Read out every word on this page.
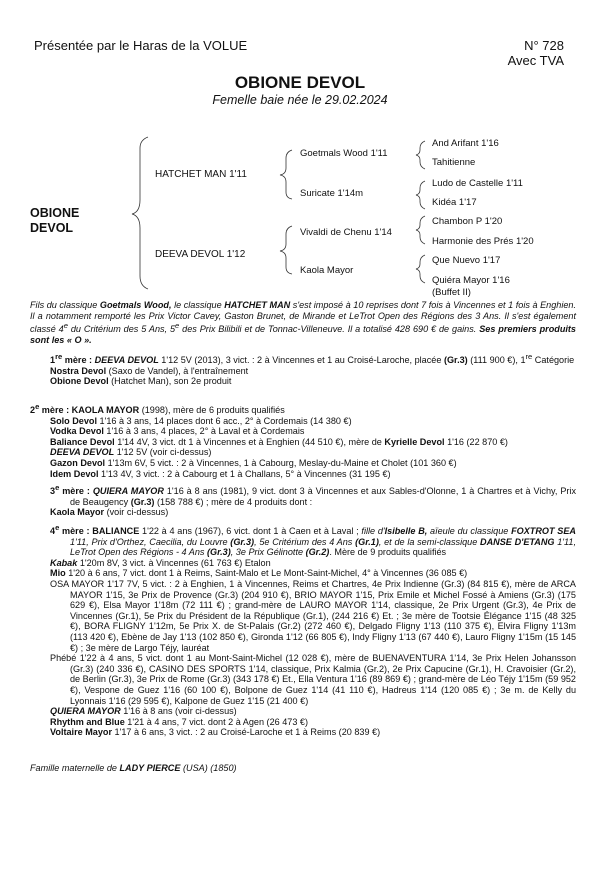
Présentée par le Haras de la VOLUE	N° 728
Avec TVA
OBIONE DEVOL
Femelle baie née le 29.02.2024
OBIONE
DEVOL
HATCHET MAN 1'11
DEEVA DEVOL 1'12
Goetmals Wood 1'11
Suricate 1'14m
Vivaldi de Chenu 1'14
Kaola Mayor
And Arifant 1'16
Tahitienne
Ludo de Castelle 1'11
Kidéa 1'17
Chambon P 1'20
Harmonie des Prés 1'20
Que Nuevo 1'17
Quiéra Mayor 1'16
(Buffet II)
Fils du classique Goetmals Wood, le classique HATCHET MAN s'est imposé à 10 reprises dont 7 fois à Vincennes et 1 fois à Enghien. Il a notamment remporté les Prix Victor Cavey, Gaston Brunet, de Mirande et LeTrot Open des Régions des 3 Ans. Il s'est également classé 4e du Critérium des 5 Ans, 5e des Prix Bilibili et de Tonnac-Villeneuve. Il a totalisé 428 690 € de gains. Ses premiers produits sont les « O ».

1re mère : DEEVA DEVOL 1'12 5V (2013), 3 vict. : 2 à Vincennes et 1 au Croisé-Laroche, placée (Gr.3) (111 900 €), 1re Catégorie

Nostra Devol (Saxo de Vandel), à l'entraînement

Obione Devol (Hatchet Man), son 2e produit

2e mère : KAOLA MAYOR (1998), mère de 6 produits qualifiés

Solo Devol 1'16 à 3 ans, 14 places dont 6 acc., 2° à Cordemais (14 380 €)

Vodka Devol 1'16 à 3 ans, 4 places, 2° à Laval et à Cordemais

Baliance Devol 1'14 4V, 3 vict. dt 1 à Vincennes et à Enghien (44 510 €), mère de Kyrielle Devol 1'16 (22 870 €)

DEEVA DEVOL 1'12 5V (voir ci-dessus)

Gazon Devol 1'13m 6V, 5 vict. : 2 à Vincennes, 1 à Cabourg, Meslay-du-Maine et Cholet (101 360 €)

Idem Devol 1'13 4V, 3 vict. : 2 à Cabourg et 1 à Challans, 5° à Vincennes (31 195 €)

3e mère : QUIERA MAYOR 1'16 à 8 ans (1981), 9 vict. dont 3 à Vincennes et aux Sables-d'Olonne, 1 à Chartres et à Vichy, Prix de Beaugency (Gr.3) (158 788 €) ; mère de 4 produits dont :

Kaola Mayor (voir ci-dessus)

4e mère : BALIANCE 1'22 à 4 ans (1967), 6 vict. dont 1 à Caen et à Laval ; fille d'Isibelle B, aïeule du classique FOXTROT SEA 1'11, Prix d'Orthez, Caecilia, du Louvre (Gr.3), 5e Critérium des 4 Ans (Gr.1), et de la semi-classique DANSE D'ETANG 1'11, LeTrot Open des Régions - 4 Ans (Gr.3), 3e Prix Gélinotte (Gr.2). Mère de 9 produits qualifiés

Kabak 1'20m 8V, 3 vict. à Vincennes (61 763 €) Etalon

Mio 1'20 à 6 ans, 7 vict. dont 1 à Reims, Saint-Malo et Le Mont-Saint-Michel, 4° à Vincennes (36 085 €)

OSA MAYOR 1'17 7V, 5 vict. : 2 à Enghien, 1 à Vincennes, Reims et Chartres, 4e Prix Indienne (Gr.3) (84 815 €), mère de ARCA MAYOR 1'15, 3e Prix de Provence (Gr.3) (204 910 €), BRIO MAYOR 1'15, Prix Emile et Michel Fossé à Amiens (Gr.3) (175 629 €), Elsa Mayor 1'18m (72 111 €) ; grand-mère de LAURO MAYOR 1'14, classique, 2e Prix Urgent (Gr.3), 4e Prix de Vincennes (Gr.1), 5e Prix du Président de la République (Gr.1), (244 216 €) Et. ; 3e mère de Tootsie Élégance 1'15 (48 325 €), BORA FLIGNY 1'12m, 5e Prix X. de St-Palais (Gr.2) (272 460 €), Delgado Fligny 1'13 (110 375 €), Elvira Fligny 1'13m (113 420 €), Ebène de Jay 1'13 (102 850 €), Gironda 1'12 (66 805 €), Indy Fligny 1'13 (67 440 €), Lauro Fligny 1'15m (15 145 €) ; 3e mère de Largo Téjy, lauréat

Phébé 1'22 à 4 ans, 5 vict. dont 1 au Mont-Saint-Michel (12 028 €), mère de BUENAVENTURA 1'14, 3e Prix Helen Johansson (Gr.3) (240 336 €), CASINO DES SPORTS 1'14, classique, Prix Kalmia (Gr.2), 2e Prix Capucine (Gr.1), H. Cravoisier (Gr.2), de Berlin (Gr.3), 3e Prix de Rome (Gr.3) (343 178 €) Et., Ella Ventura 1'16 (89 869 €) ; grand-mère de Léo Téjy 1'15m (59 952 €), Vespone de Guez 1'16 (60 100 €), Bolpone de Guez 1'14 (41 110 €), Hadreus 1'14 (120 085 €) ; 3e m. de Kelly du Lyonnais 1'16 (29 595 €), Kalpone de Guez 1'15 (21 400 €)

QUIERA MAYOR 1'16 à 8 ans (voir ci-dessus)

Rhythm and Blue 1'21 à 4 ans, 7 vict. dont 2 à Agen (26 473 €)

Voltaire Mayor 1'17 à 6 ans, 3 vict. : 2 au Croisé-Laroche et 1 à Reims (20 839 €)

Famille maternelle de LADY PIERCE (USA) (1850)
